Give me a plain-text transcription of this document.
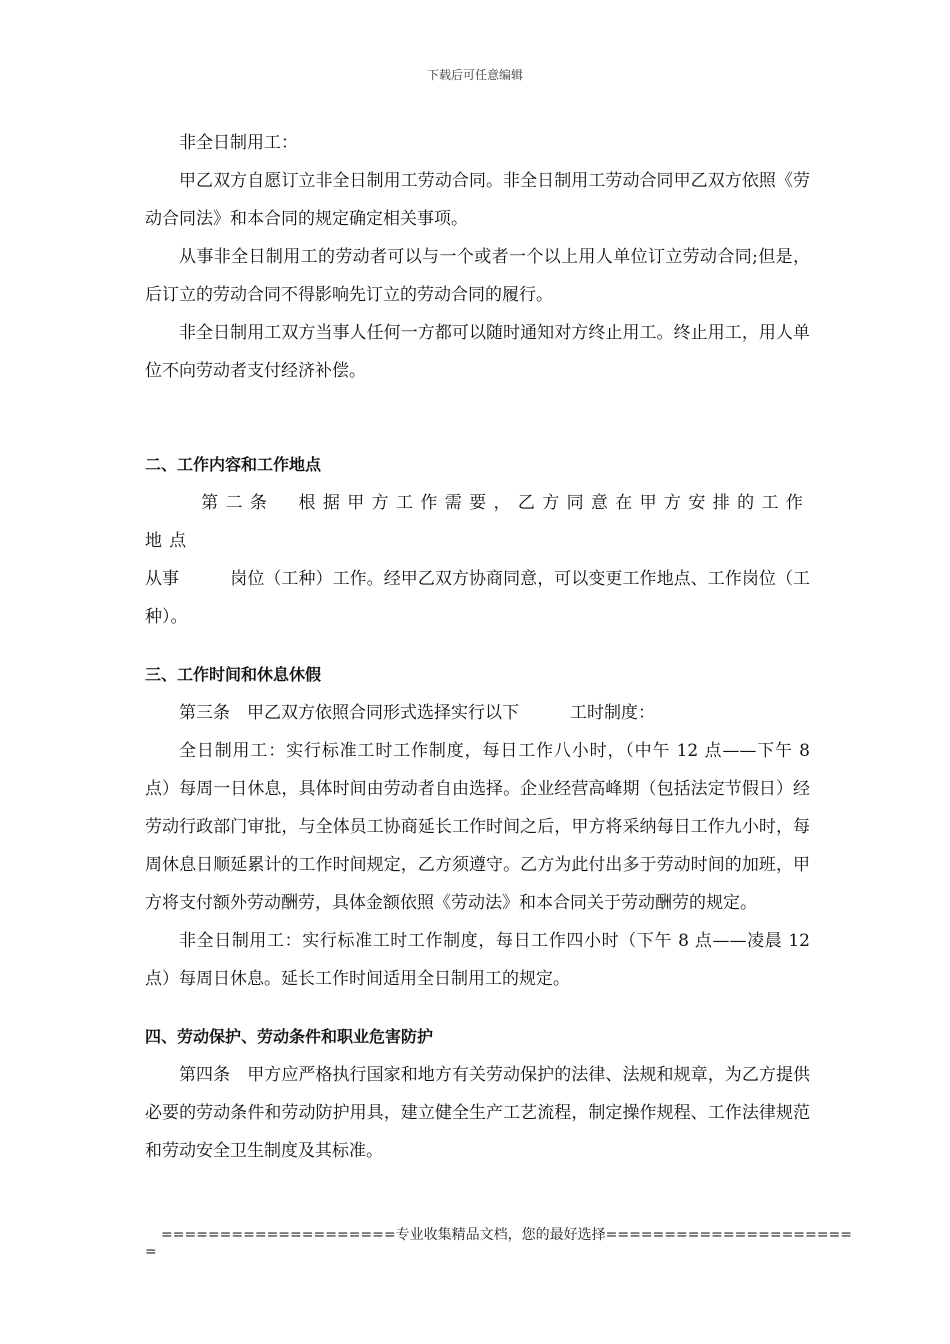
下载后可任意编辑

非全日制用工：

甲乙双方自愿订立非全日制用工劳动合同。非全日制用工劳动合同甲乙双方依照《劳动合同法》和本合同的规定确定相关事项。

从事非全日制用工的劳动者可以与一个或者一个以上用人单位订立劳动合同;但是，后订立的劳动合同不得影响先订立的劳动合同的履行。

非全日制用工双方当事人任何一方都可以随时通知对方终止用工。终止用工，用人单位不向劳动者支付经济补偿。

二、工作内容和工作地点

第二条　根据甲方工作需要，乙方同意在甲方安排的工作地点

从事　　　岗位（工种）工作。经甲乙双方协商同意，可以变更工作地点、工作岗位（工种）。

三、工作时间和休息休假

第三条　甲乙双方依照合同形式选择实行以下　　　工时制度：

全日制用工：实行标准工时工作制度，每日工作八小时，（中午 12 点——下午 8 点）每周一日休息，具体时间由劳动者自由选择。企业经营高峰期（包括法定节假日）经劳动行政部门审批，与全体员工协商延长工作时间之后，甲方将采纳每日工作九小时，每周休息日顺延累计的工作时间规定，乙方须遵守。乙方为此付出多于劳动时间的加班，甲方将支付额外劳动酬劳，具体金额依照《劳动法》和本合同关于劳动酬劳的规定。

非全日制用工：实行标准工时工作制度，每日工作四小时（下午 8 点——凌晨 12 点）每周日休息。延长工作时间适用全日制用工的规定。

四、劳动保护、劳动条件和职业危害防护

第四条　甲方应严格执行国家和地方有关劳动保护的法律、法规和规章，为乙方提供必要的劳动条件和劳动防护用具，建立健全生产工艺流程，制定操作规程、工作法律规范和劳动安全卫生制度及其标准。

====================专业收集精品文档，您的最好选择=====================
=
